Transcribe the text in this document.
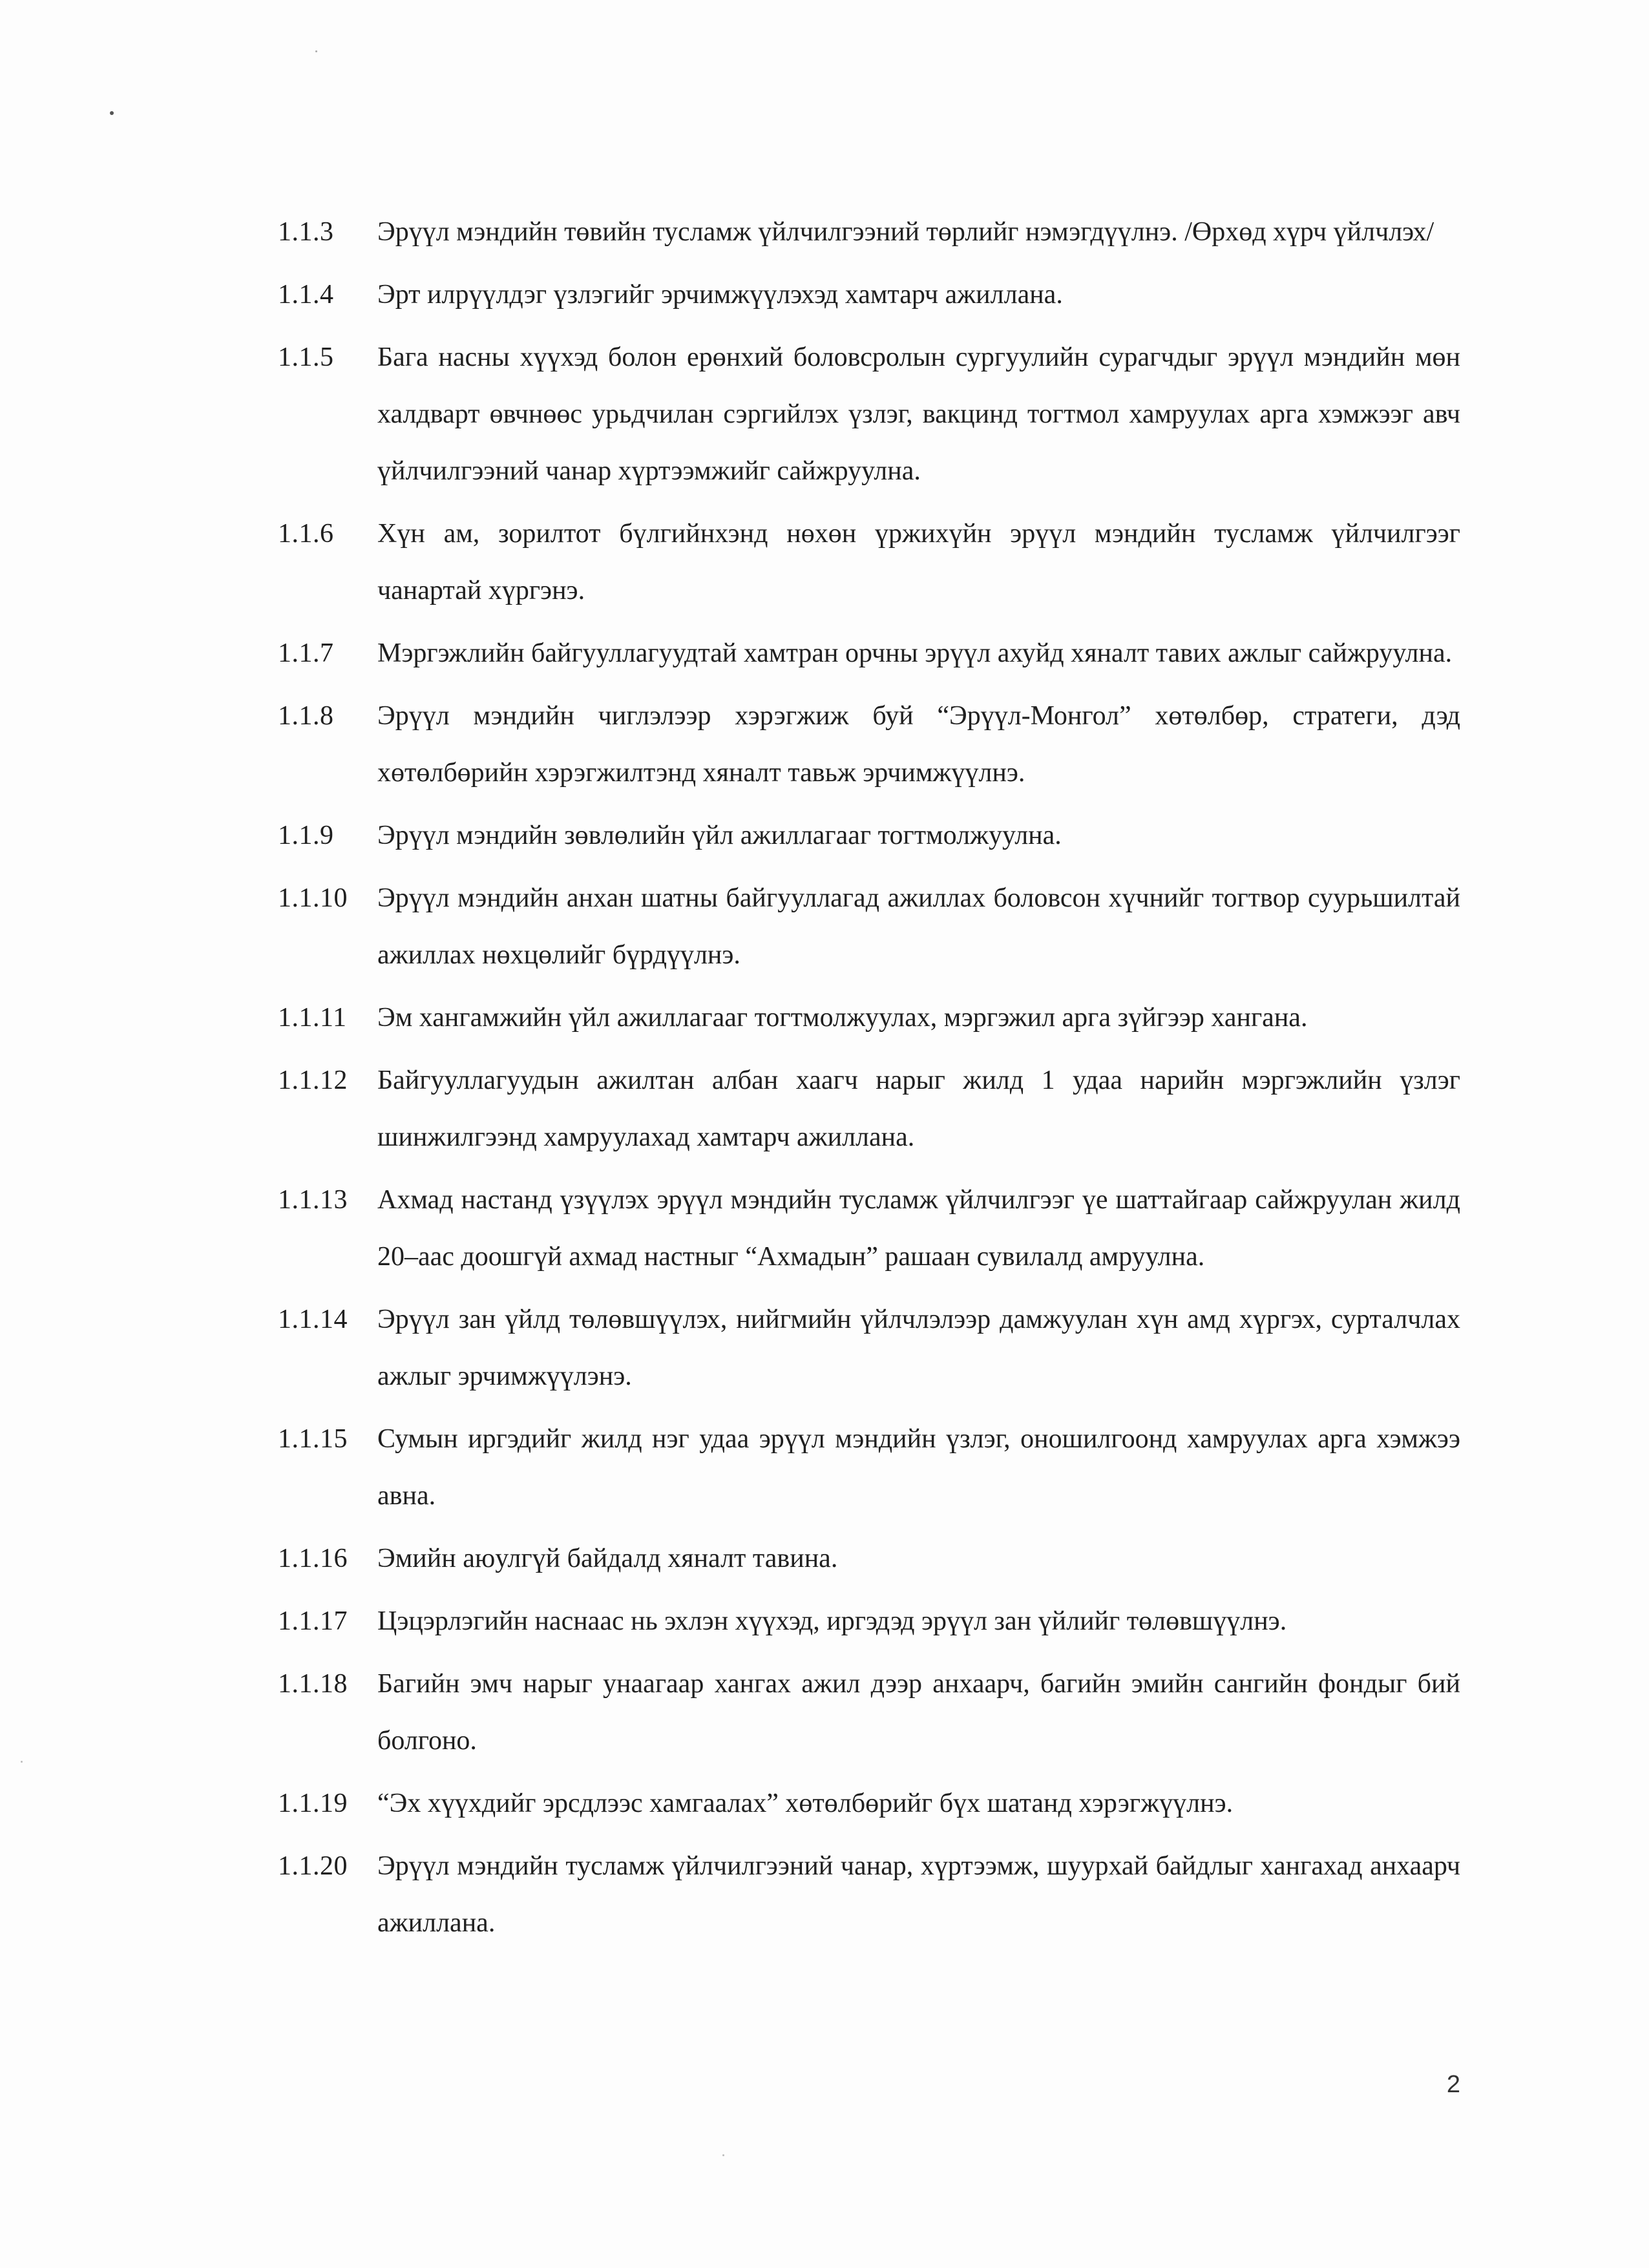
1.1.3	Эрүүл мэндийн төвийн тусламж үйлчилгээний төрлийг нэмэгдүүлнэ. /Өрхөд хүрч үйлчлэх/
1.1.4	Эрт илрүүлдэг үзлэгийг эрчимжүүлэхэд хамтарч ажиллана.
1.1.5	Бага насны хүүхэд болон ерөнхий боловсролын сургуулийн сурагчдыг эрүүл мэндийн мөн халдварт өвчнөөс урьдчилан сэргийлэх үзлэг, вакцинд тогтмол хамруулах арга хэмжээг авч үйлчилгээний чанар хүртээмжийг сайжруулна.
1.1.6	Хүн ам, зорилтот бүлгийнхэнд нөхөн үржихүйн эрүүл мэндийн тусламж үйлчилгээг чанартай хүргэнэ.
1.1.7	Мэргэжлийн байгууллагуудтай хамтран орчны эрүүл ахуйд хяналт тавих ажлыг сайжруулна.
1.1.8	Эрүүл мэндийн чиглэлээр хэрэгжиж буй “Эрүүл-Монгол” хөтөлбөр, стратеги, дэд хөтөлбөрийн хэрэгжилтэнд хяналт тавьж эрчимжүүлнэ.
1.1.9	Эрүүл мэндийн зөвлөлийн үйл ажиллагааг тогтмолжуулна.
1.1.10	Эрүүл мэндийн анхан шатны байгууллагад ажиллах боловсон хүчнийг тогтвор суурьшилтай ажиллах нөхцөлийг бүрдүүлнэ.
1.1.11	Эм хангамжийн үйл ажиллагааг тогтмолжуулах, мэргэжил арга зүйгээр хангана.
1.1.12	Байгууллагуудын ажилтан албан хаагч нарыг жилд 1 удаа нарийн мэргэжлийн үзлэг шинжилгээнд хамруулахад хамтарч ажиллана.
1.1.13	Ахмад настанд үзүүлэх эрүүл мэндийн тусламж үйлчилгээг үе шаттайгаар сайжруулан жилд 20–аас доошгүй ахмад настныг “Ахмадын” рашаан сувилалд амруулна.
1.1.14	Эрүүл зан үйлд төлөвшүүлэх, нийгмийн үйлчлэлээр дамжуулан хүн амд хүргэх, сурталчлах ажлыг эрчимжүүлэнэ.
1.1.15	Сумын иргэдийг жилд нэг удаа эрүүл мэндийн үзлэг, оношилгоонд хамруулах арга хэмжээ авна.
1.1.16	Эмийн аюулгүй байдалд хяналт тавина.
1.1.17	Цэцэрлэгийн наснаас нь эхлэн хүүхэд, иргэдэд эрүүл зан үйлийг төлөвшүүлнэ.
1.1.18	Багийн эмч нарыг унаагаар хангах ажил дээр анхаарч, багийн эмийн сангийн фондыг бий болгоно.
1.1.19	“Эх хүүхдийг эрсдлээс хамгаалах” хөтөлбөрийг бүх шатанд хэрэгжүүлнэ.
1.1.20	Эрүүл мэндийн тусламж үйлчилгээний чанар, хүртээмж, шуурхай байдлыг хангахад анхаарч ажиллана.
2
